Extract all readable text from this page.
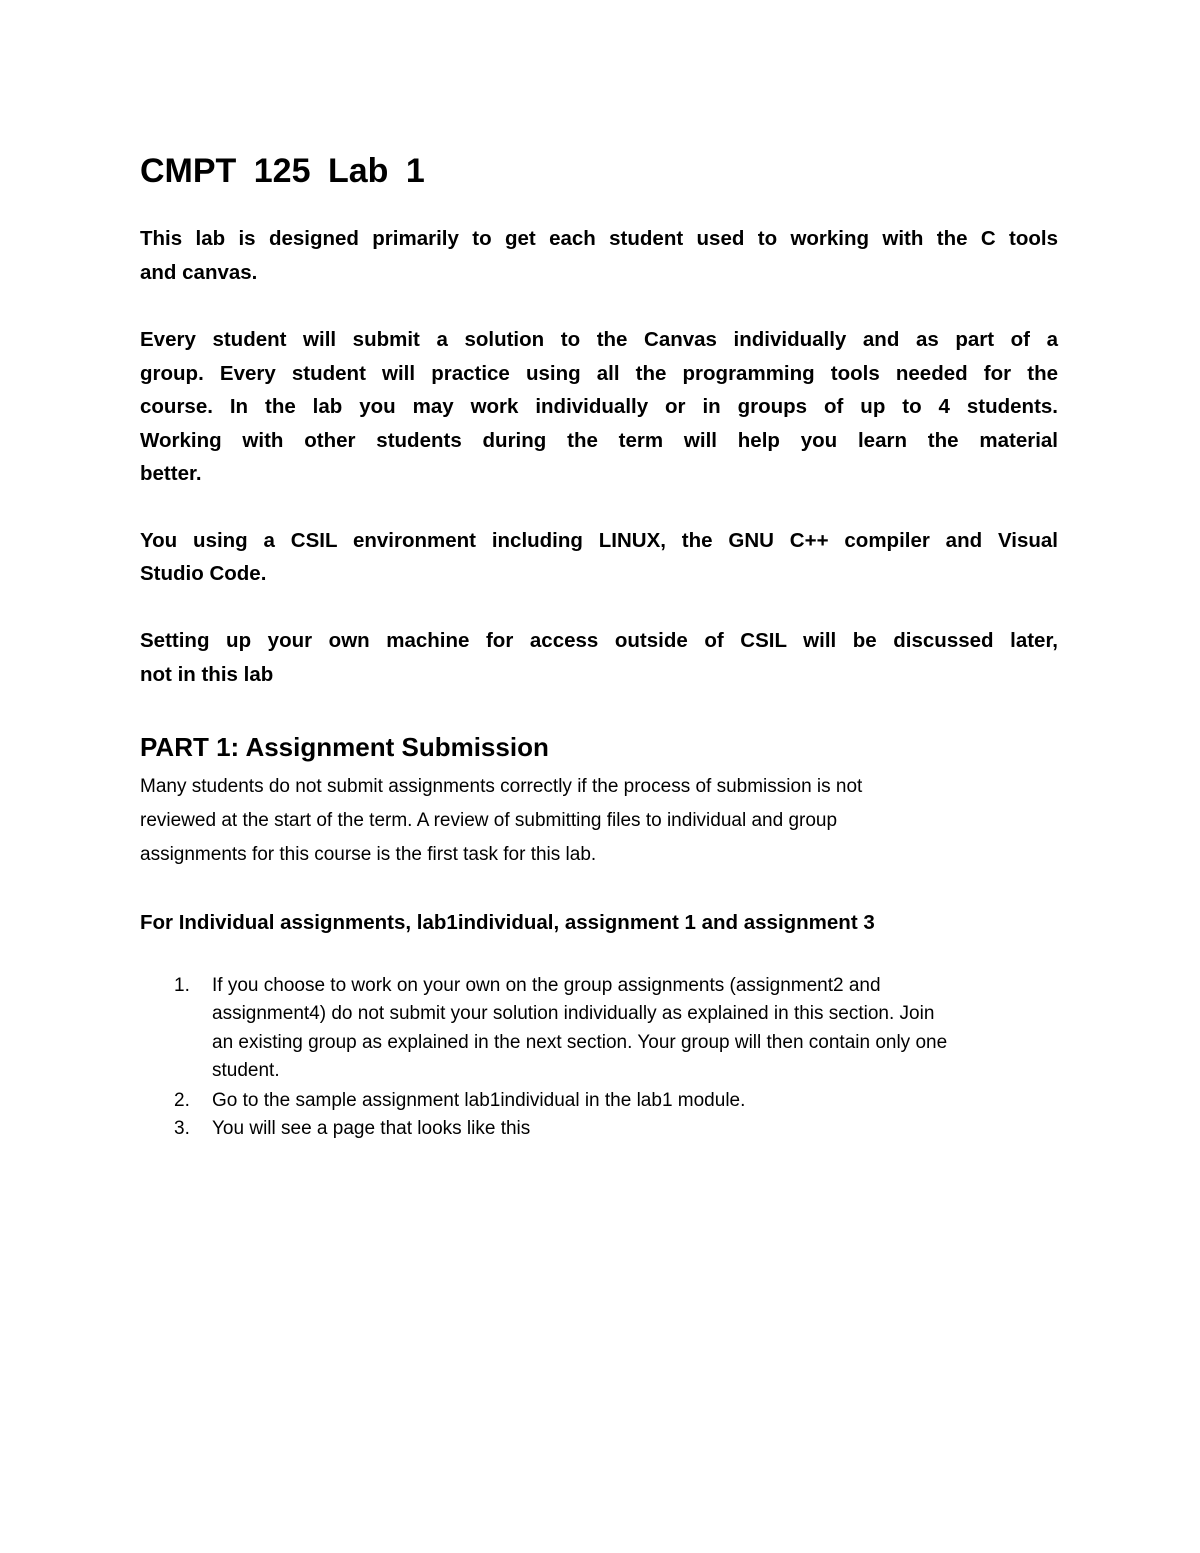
CMPT 125 Lab 1
This lab is designed primarily to get each student used to working with the C tools
and canvas.
Every student will submit a solution to the Canvas individually and as part of a
group. Every student will practice using all the programming tools needed for the
course. In the lab you may work individually or in groups of up to 4 students.
Working with other students during the term will help you learn the material
better.
You using a CSIL environment including LINUX, the GNU C++ compiler and Visual
Studio Code.
Setting up your own machine for access outside of CSIL will be discussed later,
not in this lab
PART 1: Assignment Submission
Many students do not submit assignments correctly if the process of submission is not
reviewed at the start of the term. A review of submitting files to individual and group
assignments for this course is the first task for this lab.
For Individual assignments, lab1individual, assignment 1 and assignment 3
1. If you choose to work on your own on the group assignments (assignment2 and
assignment4) do not submit your solution individually as explained in this section. Join
an existing group as explained in the next section. Your group will then contain only one
student.
2. Go to the sample assignment lab1individual in the lab1 module.
3. You will see a page that looks like this
